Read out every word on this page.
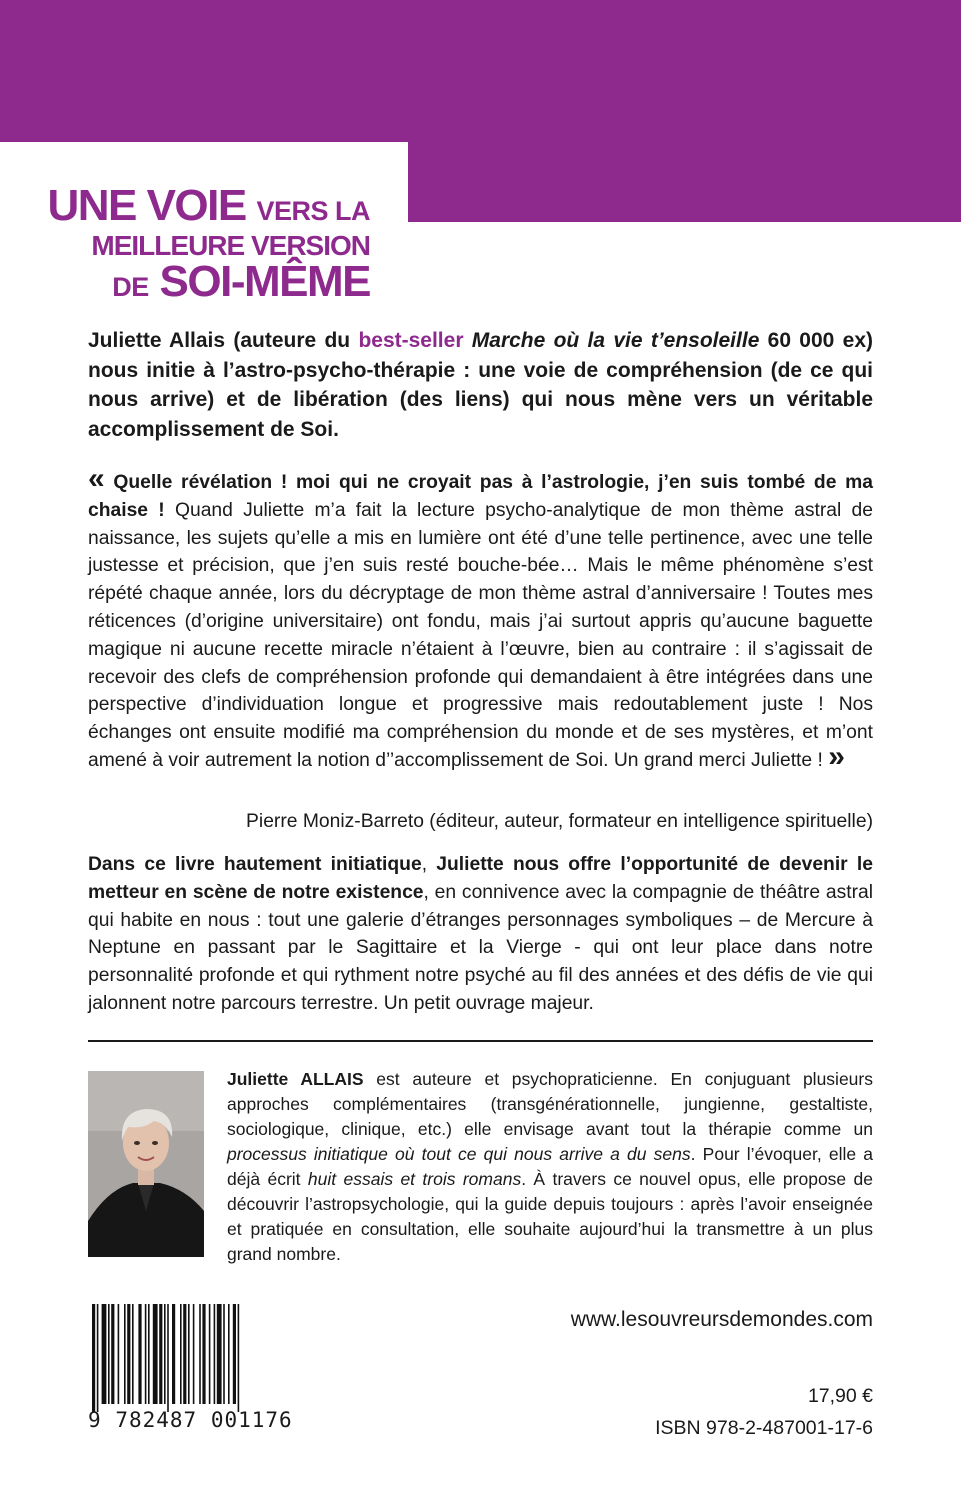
UNE VOIE VERS LA
MEILLEURE VERSION
DE SOI-MÊME

Juliette Allais (auteure du best-seller Marche où la vie t’ensoleille 60 000 ex) nous initie à l’astro-psycho-thérapie : une voie de compréhension (de ce qui nous arrive) et de libération (des liens) qui nous mène vers un véritable accomplissement de Soi.

« Quelle révélation ! moi qui ne croyait pas à l’astrologie, j’en suis tombé de ma chaise ! Quand Juliette m’a fait la lecture psycho-analytique de mon thème astral de naissance, les sujets qu’elle a mis en lumière ont été d’une telle pertinence, avec une telle justesse et précision, que j’en suis resté bouche-bée… Mais le même phénomène s’est répété chaque année, lors du décryptage de mon thème astral d’anniversaire ! Toutes mes réticences (d’origine universitaire) ont fondu, mais j’ai surtout appris qu’aucune baguette magique ni aucune recette miracle n’étaient à l’œuvre, bien au contraire : il s’agissait de recevoir des clefs de compréhension profonde qui demandaient à être intégrées dans une perspective d’individuation longue et progressive mais redoutablement juste ! Nos échanges ont ensuite modifié ma compréhension du monde et de ses mystères, et m’ont amené à voir autrement la notion d’’accomplissement de Soi. Un grand merci Juliette ! »

Pierre Moniz-Barreto (éditeur, auteur, formateur en intelligence spirituelle)

Dans ce livre hautement initiatique, Juliette nous offre l’opportunité de devenir le metteur en scène de notre existence, en connivence avec la compagnie de théâtre astral qui habite en nous : tout une galerie d’étranges personnages symboliques – de Mercure à Neptune en passant par le Sagittaire et la Vierge - qui ont leur place dans notre personnalité profonde et qui rythment notre psyché au fil des années et des défis de vie qui jalonnent notre parcours terrestre. Un petit ouvrage majeur.

Juliette ALLAIS est auteure et psychopraticienne. En conjuguant plusieurs approches complémentaires (transgénérationnelle, jungienne, gestaltiste, sociologique, clinique, etc.) elle envisage avant tout la thérapie comme un processus initiatique où tout ce qui nous arrive a du sens. Pour l’évoquer, elle a déjà écrit huit essais et trois romans. À travers ce nouvel opus, elle propose de découvrir l’astropsychologie, qui la guide depuis toujours : après l’avoir enseignée et pratiquée en consultation, elle souhaite aujourd’hui la transmettre à un plus grand nombre.

9 782487 001176
www.lesouvreursdemondes.com
17,90 €
ISBN 978-2-487001-17-6
